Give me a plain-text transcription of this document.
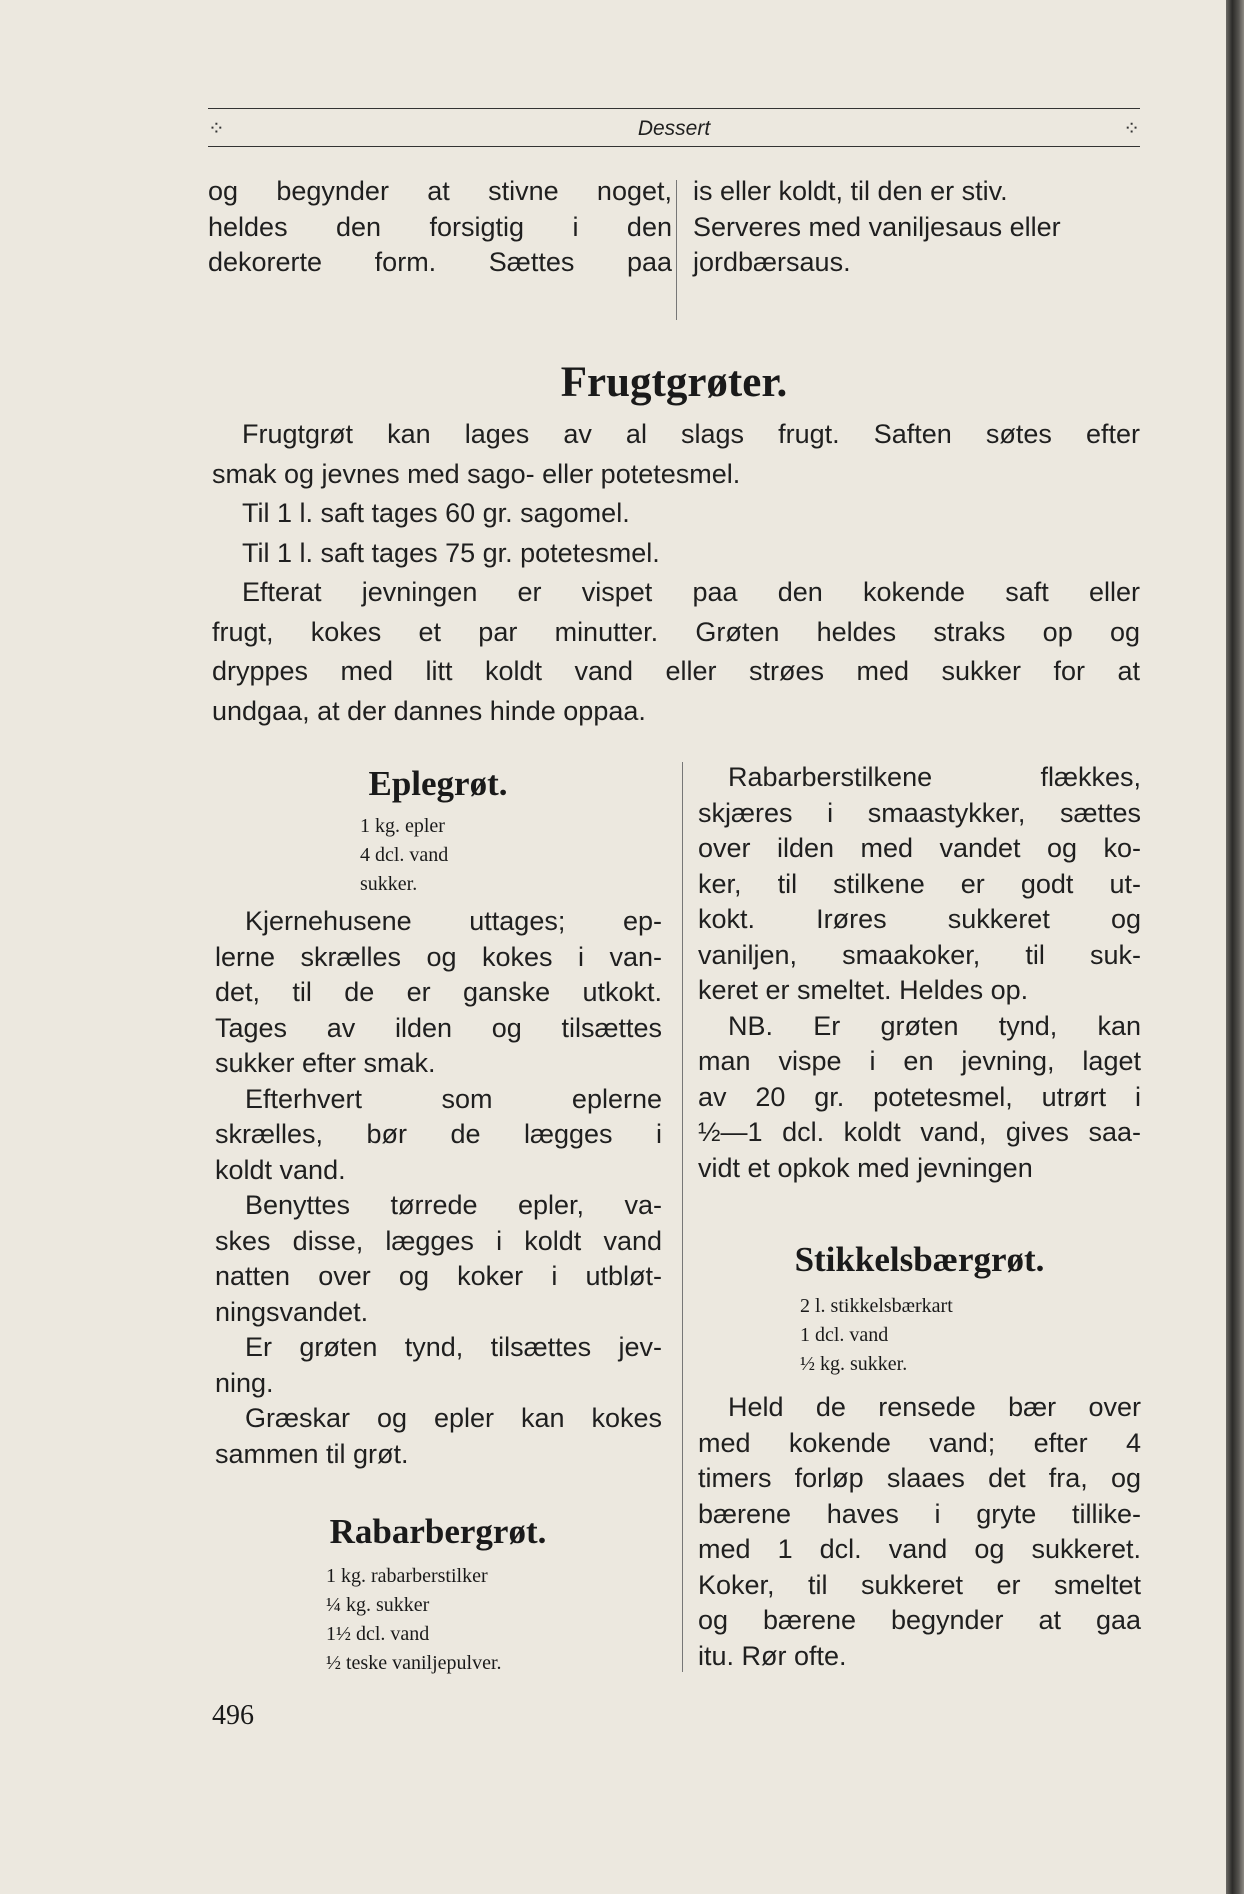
⁘	Dessert	⁘
og begynder at stivne noget,
heldes den forsigtig i den
dekorerte form. Sættes paa
is eller koldt, til den er stiv.
Serveres med vaniljesaus eller
jordbærsaus.
Frugtgrøter.
Frugtgrøt kan lages av al slags frugt. Saften søtes efter
smak og jevnes med sago- eller potetesmel.
Til 1 l. saft tages 60 gr. sagomel.
Til 1 l. saft tages 75 gr. potetesmel.
Efterat jevningen er vispet paa den kokende saft eller
frugt, kokes et par minutter. Grøten heldes straks op og
dryppes med litt koldt vand eller strøes med sukker for at
undgaa, at der dannes hinde oppaa.
Eplegrøt.
1 kg. epler
4 dcl. vand
sukker.
Kjernehusene uttages; ep-
lerne skrælles og kokes i van-
det, til de er ganske utkokt.
Tages av ilden og tilsættes
sukker efter smak.
Efterhvert som eplerne
skrælles, bør de lægges i
koldt vand.
Benyttes tørrede epler, va-
skes disse, lægges i koldt vand
natten over og koker i utbløt-
ningsvandet.
Er grøten tynd, tilsættes jev-
ning.
Græskar og epler kan kokes
sammen til grøt.
Rabarbergrøt.
1 kg. rabarberstilker
¼ kg. sukker
1½ dcl. vand
½ teske vaniljepulver.
Rabarberstilkene flækkes,
skjæres i smaastykker, sættes
over ilden med vandet og ko-
ker, til stilkene er godt ut-
kokt. Irøres sukkeret og
vaniljen, smaakoker, til suk-
keret er smeltet. Heldes op.
NB. Er grøten tynd, kan
man vispe i en jevning, laget
av 20 gr. potetesmel, utrørt i
½—1 dcl. koldt vand, gives saa-
vidt et opkok med jevningen
Stikkelsbærgrøt.
2 l. stikkelsbærkart
1 dcl. vand
½ kg. sukker.
Held de rensede bær over
med kokende vand; efter 4
timers forløp slaaes det fra, og
bærene haves i gryte tillike-
med 1 dcl. vand og sukkeret.
Koker, til sukkeret er smeltet
og bærene begynder at gaa
itu. Rør ofte.
496
